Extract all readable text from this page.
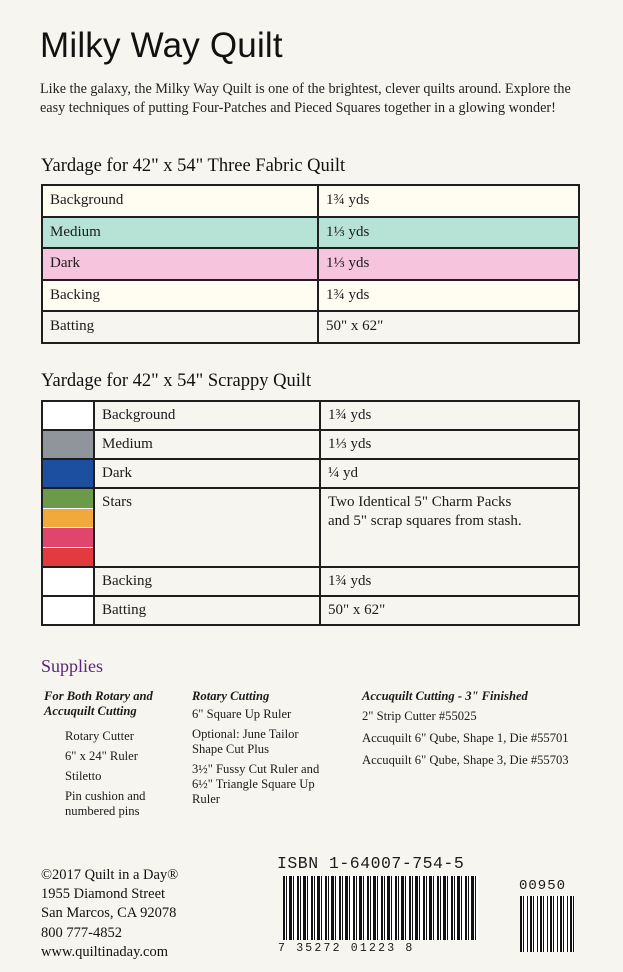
Milky Way Quilt
Like the galaxy, the Milky Way Quilt is one of the brightest, clever quilts around. Explore the easy techniques of putting Four-Patches and Pieced Squares together in a glowing wonder!
Yardage for 42" x 54" Three Fabric Quilt
Background	1¾ yds
Medium	1⅓ yds
Dark	1⅓ yds
Backing	1¾ yds
Batting	50" x 62"
Yardage for 42" x 54" Scrappy Quilt
	Background	1¾ yds

	Medium	1⅓ yds

	Dark	¼ yd

	Stars	Two Identical 5" Charm Packs
and 5" scrap squares from stash.

	Backing	1¾ yds
	Batting	50" x 62"
Supplies
For Both Rotary and
Accuquilt Cutting
Rotary Cutter
6" x 24" Ruler
Stiletto
Pin cushion and numbered pins
Rotary Cutting
6" Square Up Ruler
Optional: June Tailor Shape Cut Plus
3½" Fussy Cut Ruler and 6½" Triangle Square Up Ruler
Accuquilt Cutting - 3" Finished
2" Strip Cutter #55025
Accuquilt 6" Qube, Shape 1, Die #55701
Accuquilt 6" Qube, Shape 3, Die #55703
©2017 Quilt in a Day®
1955 Diamond Street
San Marcos, CA 92078
800 777-4852
www.quiltinaday.com
ISBN 1-64007-754-5
7 35272 01223 8
00950
